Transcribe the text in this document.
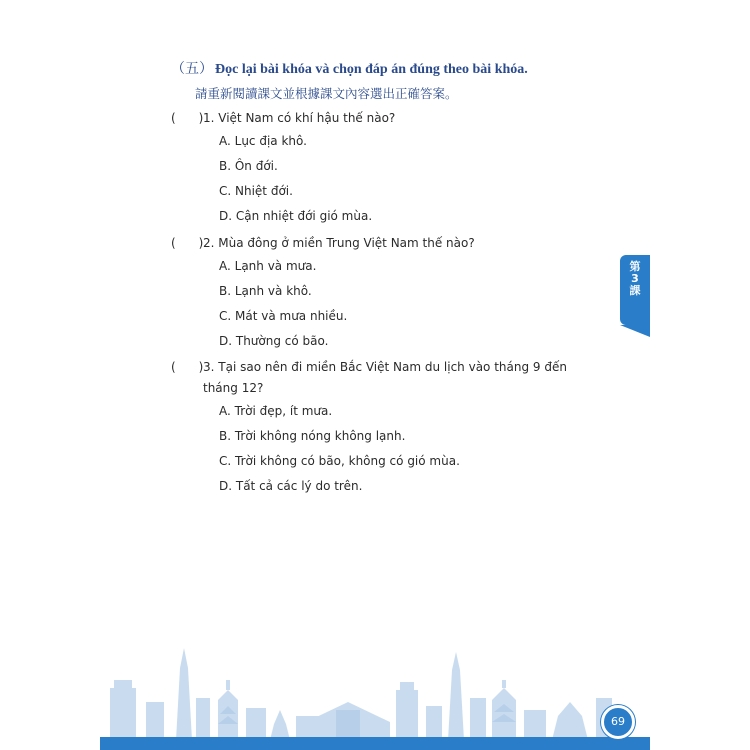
（五） Đọc lại bài khóa và chọn đáp án đúng theo bài khóa.
請重新閱讀課文並根據課文內容選出正確答案。
(      ) 1. Việt Nam có khí hậu thế nào?
A. Lục địa khô.
B. Ôn đới.
C. Nhiệt đới.
D. Cận nhiệt đới gió mùa.
(      ) 2. Mùa đông ở miền Trung Việt Nam thế nào?
A. Lạnh và mưa.
B. Lạnh và khô.
C. Mát và mưa nhiều.
D. Thường có bão.
(      ) 3. Tại sao nên đi miền Bắc Việt Nam du lịch vào tháng 9 đến tháng 12?
A. Trời đẹp, ít mưa.
B. Trời không nóng không lạnh.
C. Trời không có bão, không có gió mùa.
D. Tất cả các lý do trên.
第
3
課
69
